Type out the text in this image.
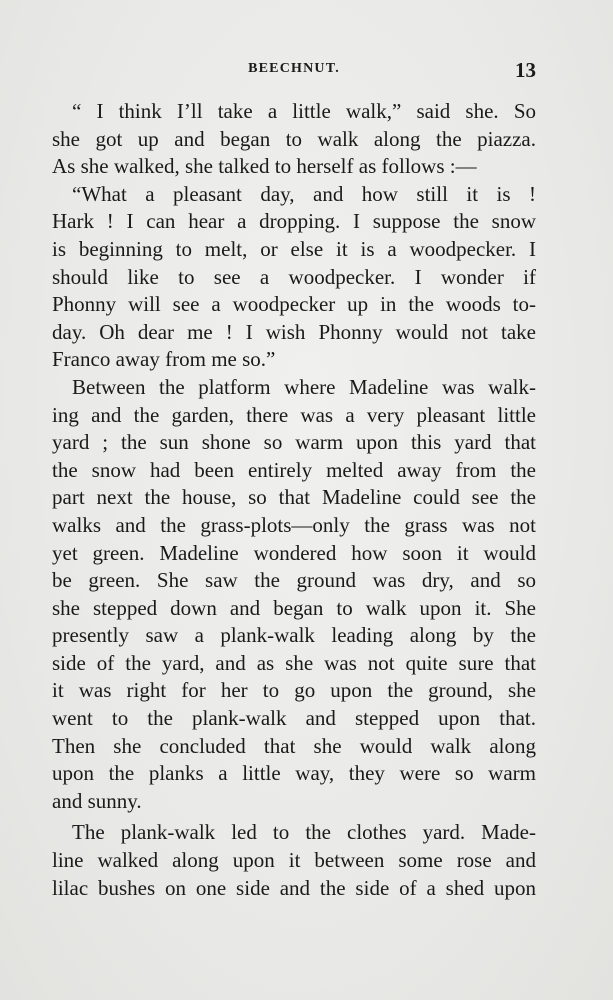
BEECHNUT.	13
“ I think I’ll take a little walk,” said she. So
she got up and began to walk along the piazza.
As she walked, she talked to herself as follows :—
“What a pleasant day, and how still it is !
Hark ! I can hear a dropping. I suppose the snow
is beginning to melt, or else it is a woodpecker. I
should like to see a woodpecker. I wonder if
Phonny will see a woodpecker up in the woods to-
day. Oh dear me ! I wish Phonny would not take
Franco away from me so.”
Between the platform where Madeline was walk-
ing and the garden, there was a very pleasant little
yard ; the sun shone so warm upon this yard that
the snow had been entirely melted away from the
part next the house, so that Madeline could see the
walks and the grass-plots—only the grass was not
yet green. Madeline wondered how soon it would
be green. She saw the ground was dry, and so
she stepped down and began to walk upon it. She
presently saw a plank-walk leading along by the
side of the yard, and as she was not quite sure that
it was right for her to go upon the ground, she
went to the plank-walk and stepped upon that.
Then she concluded that she would walk along
upon the planks a little way, they were so warm
and sunny.
The plank-walk led to the clothes yard. Made-
line walked along upon it between some rose and
lilac bushes on one side and the side of a shed upon
